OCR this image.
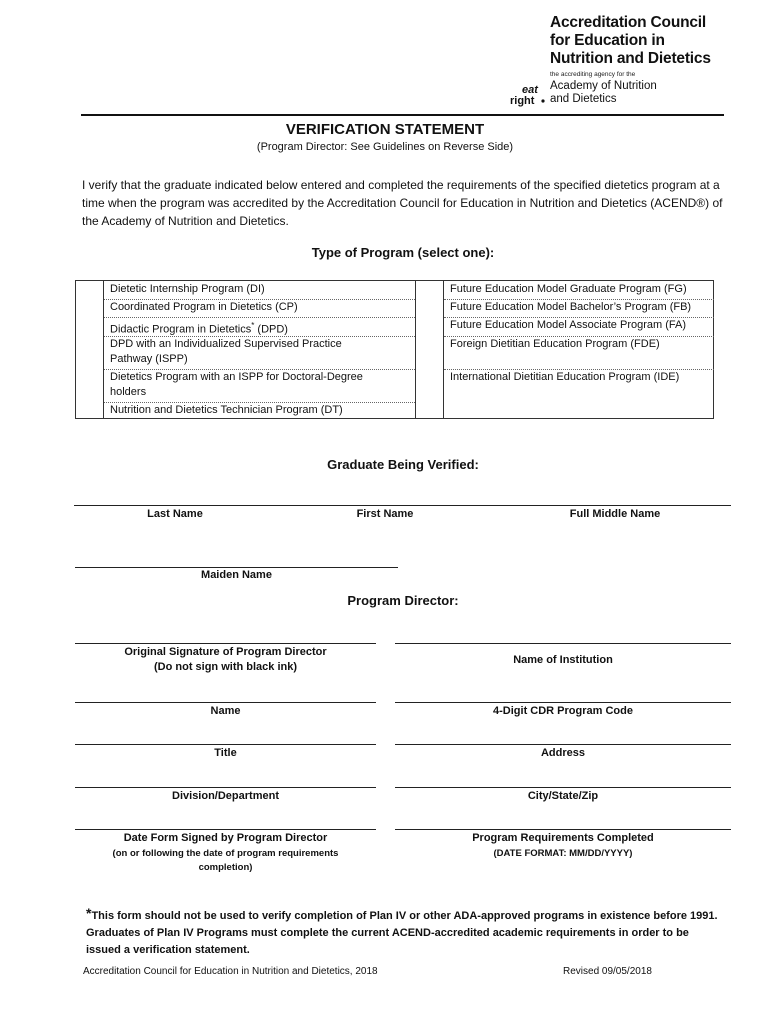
Accreditation Council
for Education in
Nutrition and Dietetics
the accrediting agency for the
Academy of Nutrition
and Dietetics
eat
right
VERIFICATION STATEMENT
(Program Director: See Guidelines on Reverse Side)
I verify that the graduate indicated below entered and completed the requirements of the specified dietetics program at a time when the program was accredited by the Accreditation Council for Education in Nutrition and Dietetics (ACEND®) of the Academy of Nutrition and Dietetics.
Type of Program (select one):
Dietetic Internship Program (DI)
Coordinated Program in Dietetics (CP)
Didactic Program in Dietetics* (DPD)
DPD with an Individualized Supervised Practice Pathway (ISPP)
Dietetics Program with an ISPP for Doctoral-Degree holders
Nutrition and Dietetics Technician Program (DT)
Future Education Model Graduate Program (FG)
Future Education Model Bachelor’s Program (FB)
Future Education Model Associate Program (FA)
Foreign Dietitian Education Program (FDE)
International Dietitian Education Program (IDE)
Graduate Being Verified:
Last Name	First Name	Full Middle Name
Maiden Name
Program Director:
Original Signature of Program Director
(Do not sign with black ink)
Name of Institution
Name	4-Digit CDR Program Code
Title	Address
Division/Department	City/State/Zip
Date Form Signed by Program Director
(on or following the date of program requirements
completion)
Program Requirements Completed
(DATE FORMAT: MM/DD/YYYY)
*This form should not be used to verify completion of Plan IV or other ADA-approved programs in existence before 1991. Graduates of Plan IV Programs must complete the current ACEND-accredited academic requirements in order to be issued a verification statement.
Accreditation Council for Education in Nutrition and Dietetics, 2018	Revised 09/05/2018
